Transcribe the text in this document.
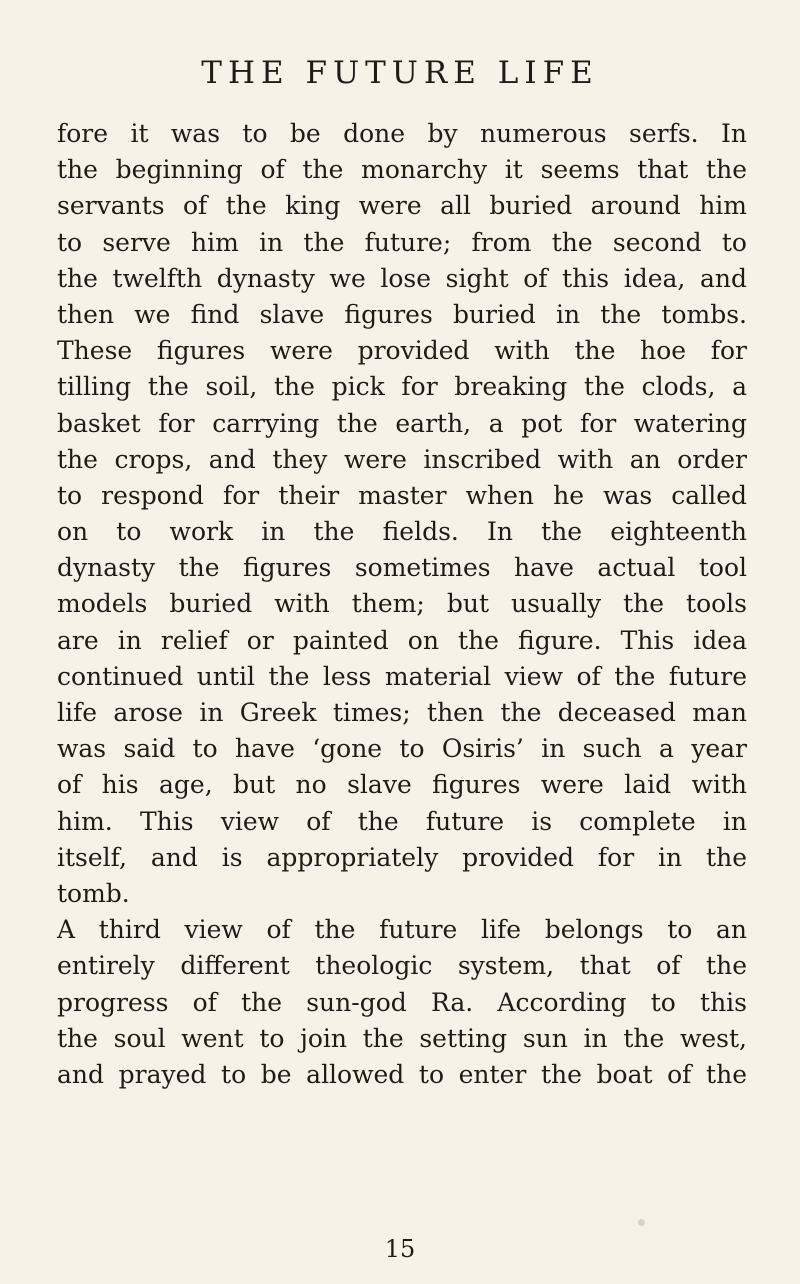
THE FUTURE LIFE
fore it was to be done by numerous serfs. In
the beginning of the monarchy it seems that the
servants of the king were all buried around him
to serve him in the future; from the second to
the twelfth dynasty we lose sight of this idea, and
then we find slave figures buried in the tombs.
These figures were provided with the hoe for
tilling the soil, the pick for breaking the clods, a
basket for carrying the earth, a pot for watering
the crops, and they were inscribed with an order
to respond for their master when he was called
on to work in the fields. In the eighteenth
dynasty the figures sometimes have actual tool
models buried with them; but usually the tools
are in relief or painted on the figure. This idea
continued until the less material view of the future
life arose in Greek times; then the deceased man
was said to have ‘gone to Osiris’ in such a year
of his age, but no slave figures were laid with
him. This view of the future is complete in
itself, and is appropriately provided for in the
tomb.
A third view of the future life belongs to an
entirely different theologic system, that of the
progress of the sun-god Ra. According to this
the soul went to join the setting sun in the west,
and prayed to be allowed to enter the boat of the
15
